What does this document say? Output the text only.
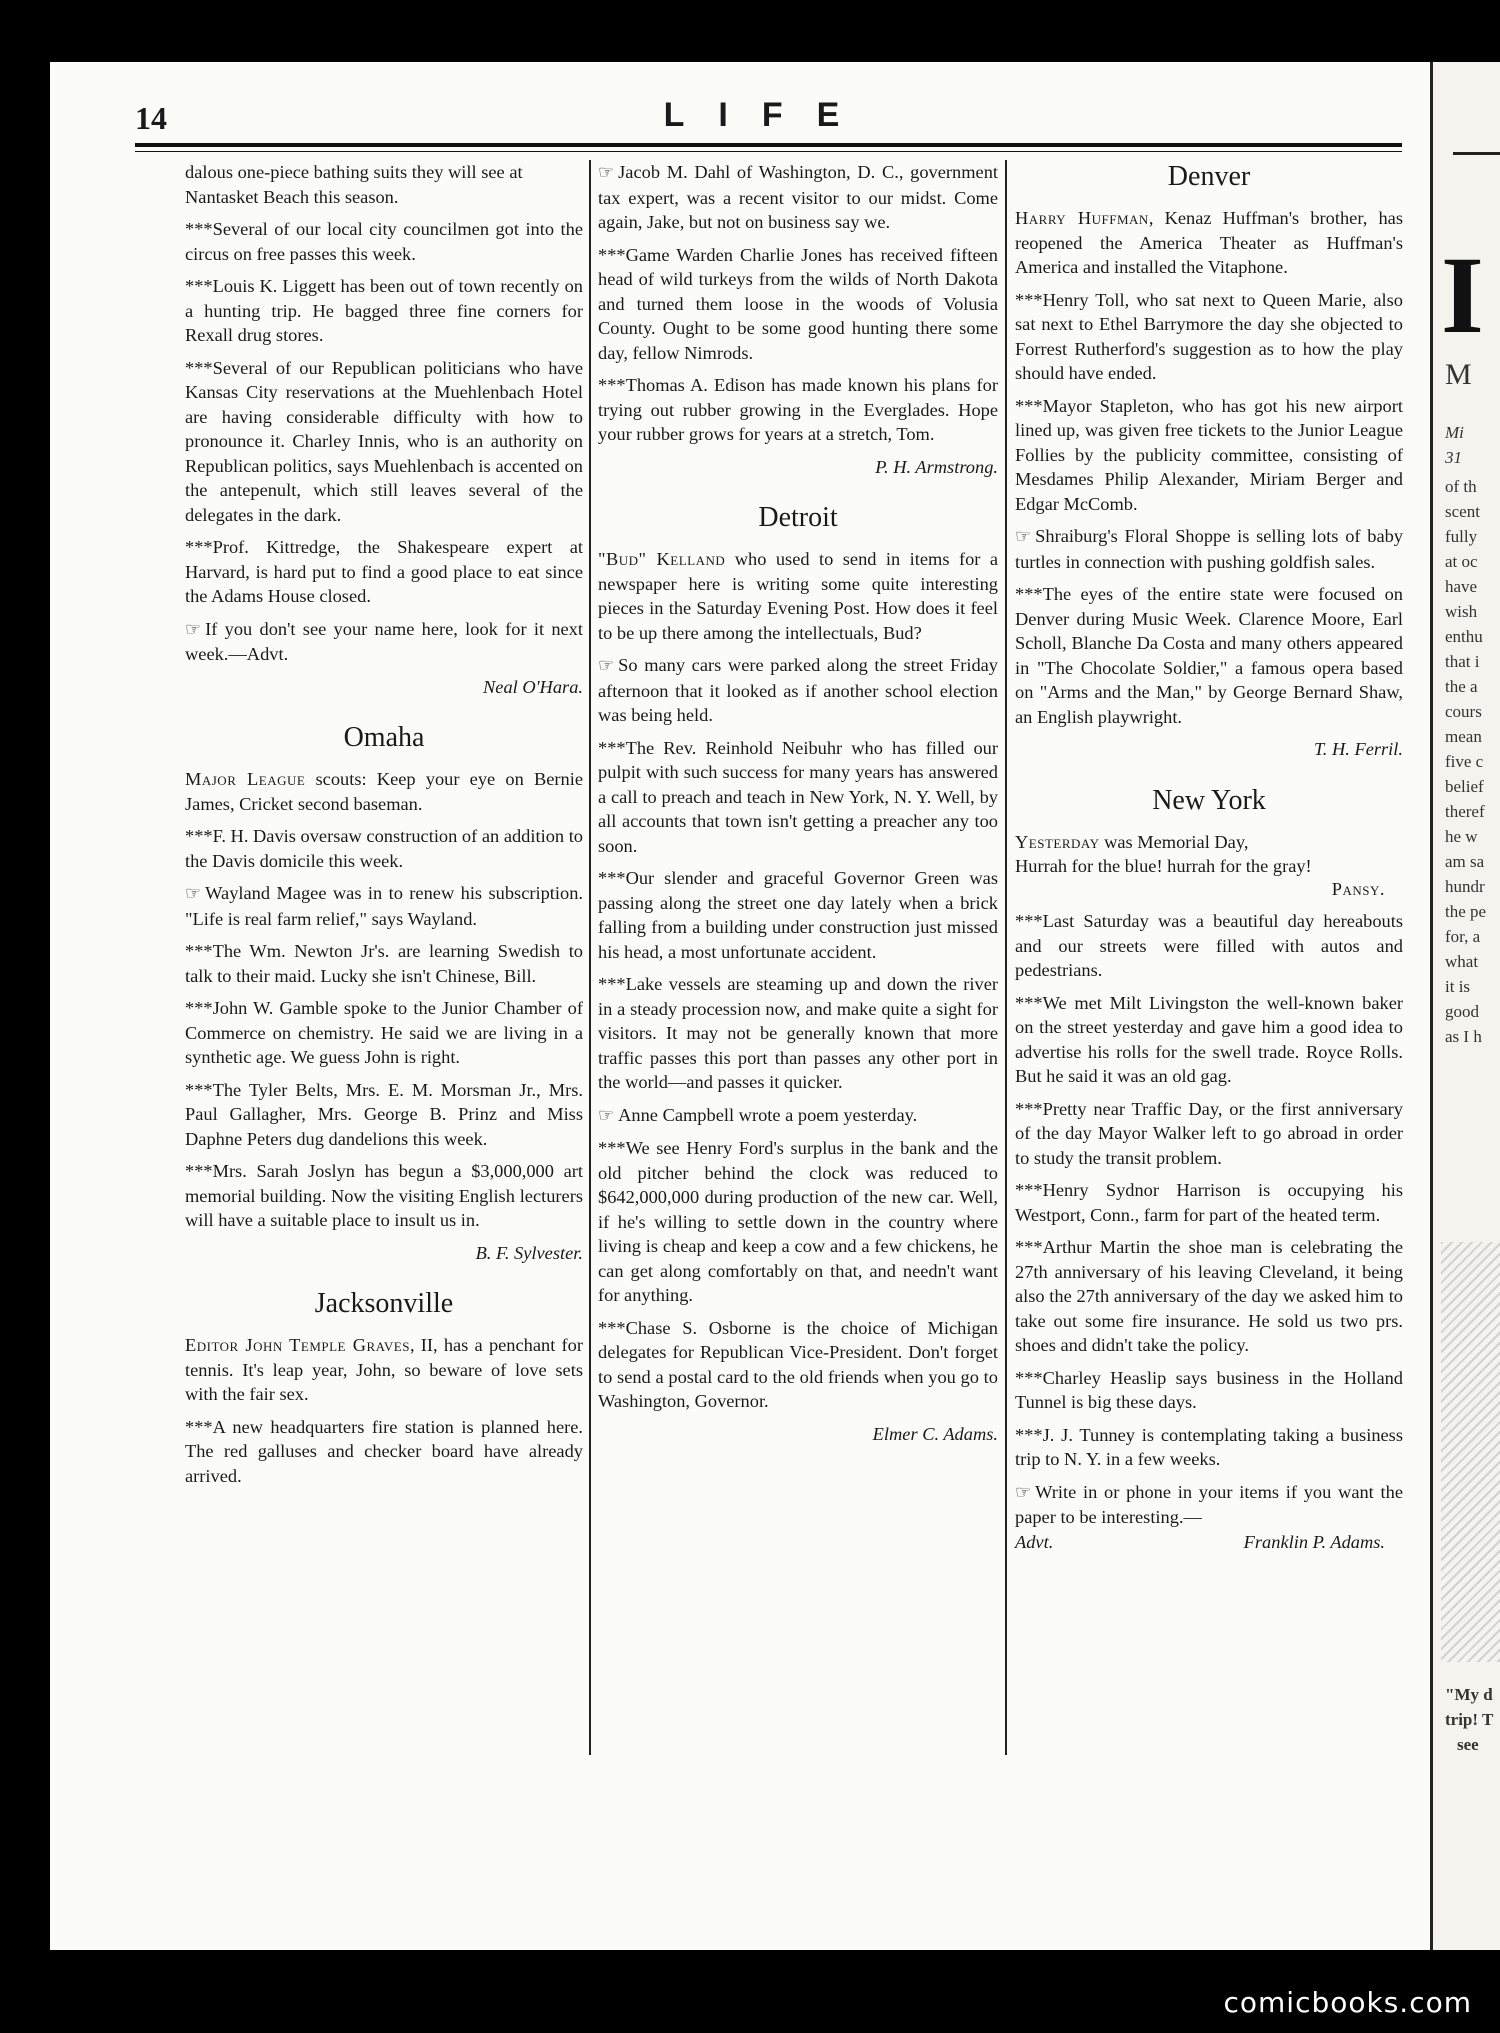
I
M
Mi
31
of th
scent
fully
at oc
have
wish
enthu
that i
the a
cours
mean
five c
belief
theref
he w
am sa
hundr
the pe
for, a
what
it is
good
as I h
"My d
trip! T
see
14	LIFE

dalous one-piece bathing suits they will see at Nantasket Beach this season.

***Several of our local city councilmen got into the circus on free passes this week.

***Louis K. Liggett has been out of town recently on a hunting trip. He bagged three fine corners for Rexall drug stores.

***Several of our Republican politicians who have Kansas City reservations at the Muehlenbach Hotel are having considerable difficulty with how to pronounce it. Charley Innis, who is an authority on Republican politics, says Muehlenbach is accented on the antepenult, which still leaves several of the delegates in the dark.

***Prof. Kittredge, the Shakespeare expert at Harvard, is hard put to find a good place to eat since the Adams House closed.

☞ If you don't see your name here, look for it next week.—Advt.

Neal O'Hara.

Omaha

Major League scouts: Keep your eye on Bernie James, Cricket second baseman.

***F. H. Davis oversaw construction of an addition to the Davis domicile this week.

☞ Wayland Magee was in to renew his subscription. "Life is real farm relief," says Wayland.

***The Wm. Newton Jr's. are learning Swedish to talk to their maid. Lucky she isn't Chinese, Bill.

***John W. Gamble spoke to the Junior Chamber of Commerce on chemistry. He said we are living in a synthetic age. We guess John is right.

***The Tyler Belts, Mrs. E. M. Morsman Jr., Mrs. Paul Gallagher, Mrs. George B. Prinz and Miss Daphne Peters dug dandelions this week.

***Mrs. Sarah Joslyn has begun a $3,000,000 art memorial building. Now the visiting English lecturers will have a suitable place to insult us in.

B. F. Sylvester.

Jacksonville

Editor John Temple Graves, II, has a penchant for tennis. It's leap year, John, so beware of love sets with the fair sex.

***A new headquarters fire station is planned here. The red galluses and checker board have already arrived.

☞ Jacob M. Dahl of Washington, D. C., government tax expert, was a recent visitor to our midst. Come again, Jake, but not on business say we.

***Game Warden Charlie Jones has received fifteen head of wild turkeys from the wilds of North Dakota and turned them loose in the woods of Volusia County. Ought to be some good hunting there some day, fellow Nimrods.

***Thomas A. Edison has made known his plans for trying out rubber growing in the Everglades. Hope your rubber grows for years at a stretch, Tom.

P. H. Armstrong.

Detroit

"Bud" Kelland who used to send in items for a newspaper here is writing some quite interesting pieces in the Saturday Evening Post. How does it feel to be up there among the intellectuals, Bud?

☞ So many cars were parked along the street Friday afternoon that it looked as if another school election was being held.

***The Rev. Reinhold Neibuhr who has filled our pulpit with such success for many years has answered a call to preach and teach in New York, N. Y. Well, by all accounts that town isn't getting a preacher any too soon.

***Our slender and graceful Governor Green was passing along the street one day lately when a brick falling from a building under construction just missed his head, a most unfortunate accident.

***Lake vessels are steaming up and down the river in a steady procession now, and make quite a sight for visitors. It may not be generally known that more traffic passes this port than passes any other port in the world—and passes it quicker.

☞ Anne Campbell wrote a poem yesterday.

***We see Henry Ford's surplus in the bank and the old pitcher behind the clock was reduced to $642,000,000 during production of the new car. Well, if he's willing to settle down in the country where living is cheap and keep a cow and a few chickens, he can get along comfortably on that, and needn't want for anything.

***Chase S. Osborne is the choice of Michigan delegates for Republican Vice-President. Don't forget to send a postal card to the old friends when you go to Washington, Governor.

Elmer C. Adams.

Denver

Harry Huffman, Kenaz Huffman's brother, has reopened the America Theater as Huffman's America and installed the Vitaphone.

***Henry Toll, who sat next to Queen Marie, also sat next to Ethel Barrymore the day she objected to Forrest Rutherford's suggestion as to how the play should have ended.

***Mayor Stapleton, who has got his new airport lined up, was given free tickets to the Junior League Follies by the publicity committee, consisting of Mesdames Philip Alexander, Miriam Berger and Edgar McComb.

☞ Shraiburg's Floral Shoppe is selling lots of baby turtles in connection with pushing goldfish sales.

***The eyes of the entire state were focused on Denver during Music Week. Clarence Moore, Earl Scholl, Blanche Da Costa and many others appeared in "The Chocolate Soldier," a famous opera based on "Arms and the Man," by George Bernard Shaw, an English playwright.

T. H. Ferril.

New York

Yesterday was Memorial Day,

Hurrah for the blue! hurrah for the gray!

Pansy.

***Last Saturday was a beautiful day hereabouts and our streets were filled with autos and pedestrians.

***We met Milt Livingston the well-known baker on the street yesterday and gave him a good idea to advertise his rolls for the swell trade. Royce Rolls. But he said it was an old gag.

***Pretty near Traffic Day, or the first anniversary of the day Mayor Walker left to go abroad in order to study the transit problem.

***Henry Sydnor Harrison is occupying his Westport, Conn., farm for part of the heated term.

***Arthur Martin the shoe man is celebrating the 27th anniversary of his leaving Cleveland, it being also the 27th anniversary of the day we asked him to take out some fire insurance. He sold us two prs. shoes and didn't take the policy.

***Charley Heaslip says business in the Holland Tunnel is big these days.

***J. J. Tunney is contemplating taking a business trip to N. Y. in a few weeks.

☞ Write in or phone in your items if you want the paper to be interesting.—

Advt.	Franklin P. Adams.

comicbooks.com
